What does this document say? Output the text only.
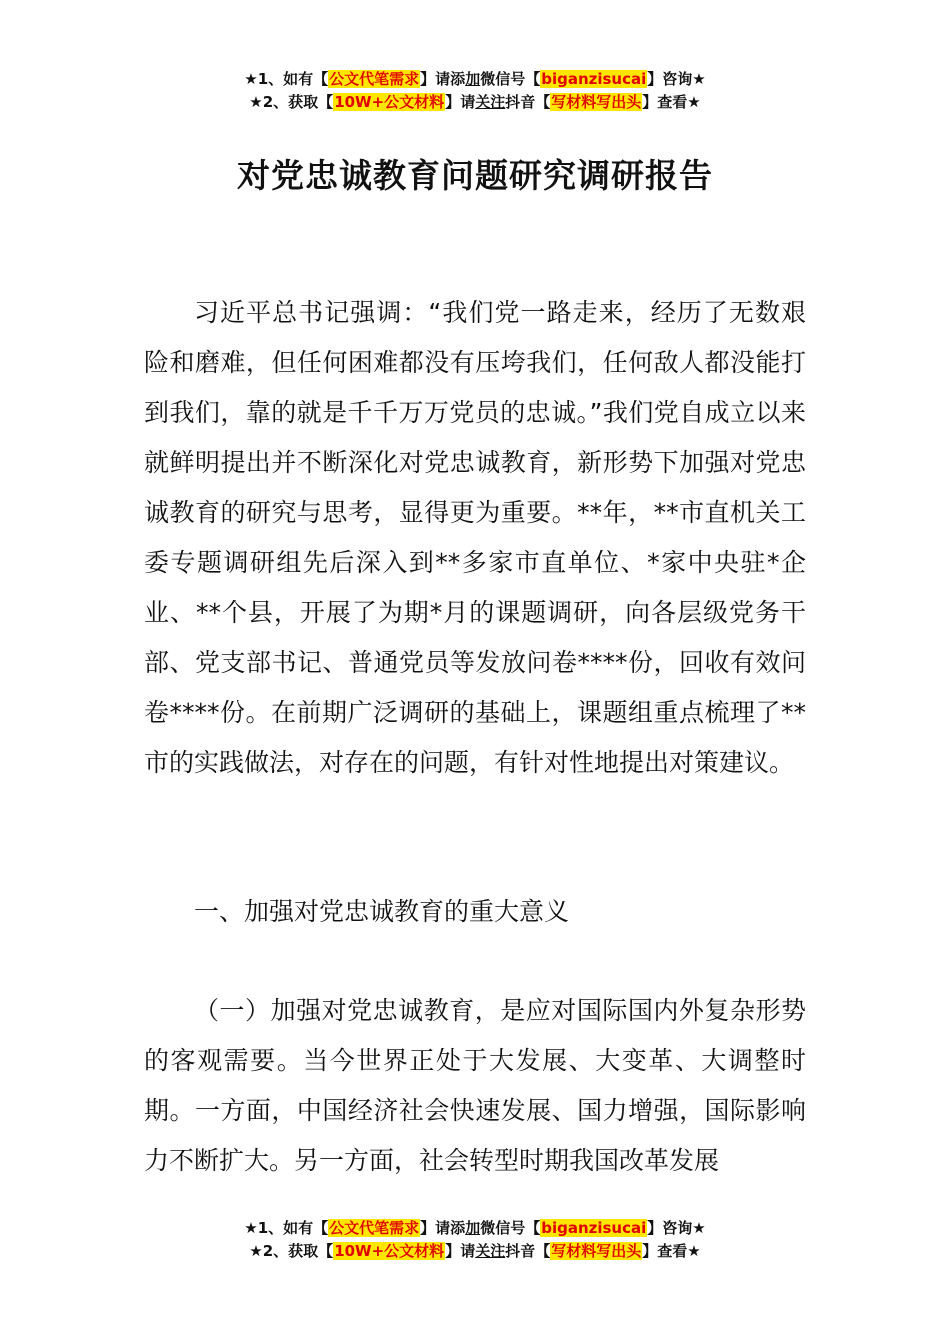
★1、如有【公文代笔需求】请添加微信号【biganzisucai】咨询★
★2、获取【10W+公文材料】请关注抖音【写材料写出头】查看★
对党忠诚教育问题研究调研报告

习近平总书记强调：“我们党一路走来，经历了无数艰险和磨难，但任何困难都没有压垮我们，任何敌人都没能打到我们，靠的就是千千万万党员的忠诚。”我们党自成立以来就鲜明提出并不断深化对党忠诚教育，新形势下加强对党忠诚教育的研究与思考，显得更为重要。**年，**市直机关工委专题调研组先后深入到**多家市直单位、*家中央驻*企业、**个县，开展了为期*月的课题调研，向各层级党务干部、党支部书记、普通党员等发放问卷****份，回收有效问卷****份。在前期广泛调研的基础上，课题组重点梳理了**市的实践做法，对存在的问题，有针对性地提出对策建议。

一、加强对党忠诚教育的重大意义

（一）加强对党忠诚教育，是应对国际国内外复杂形势的客观需要。当今世界正处于大发展、大变革、大调整时期。一方面，中国经济社会快速发展、国力增强，国际影响力不断扩大。另一方面，社会转型时期我国改革发展

★1、如有【公文代笔需求】请添加微信号【biganzisucai】咨询★
★2、获取【10W+公文材料】请关注抖音【写材料写出头】查看★
